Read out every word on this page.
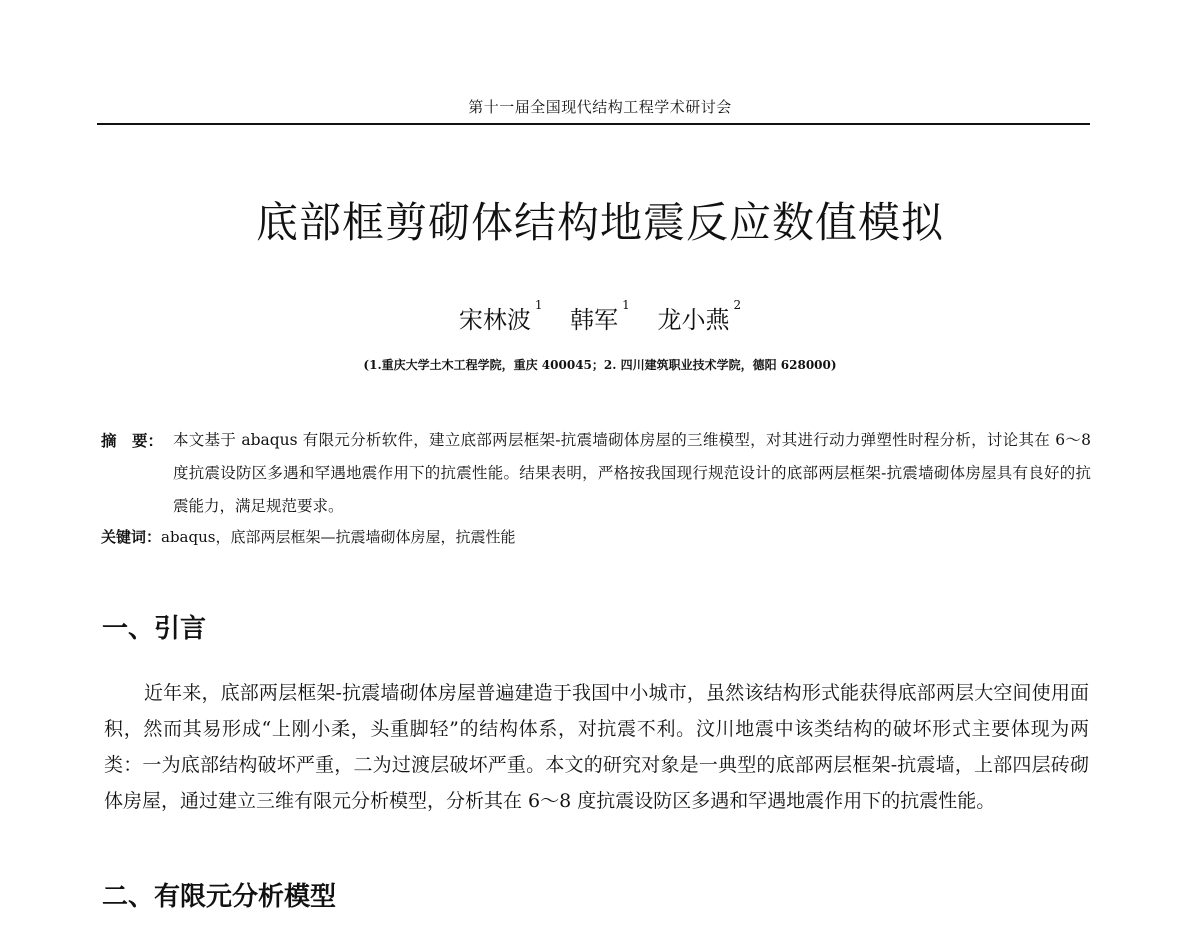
第十一届全国现代结构工程学术研讨会
底部框剪砌体结构地震反应数值模拟
宋林波$^1$ 韩军$^1$ 龙小燕$^2$
(1.重庆大学土木工程学院，重庆 400045；2. 四川建筑职业技术学院，德阳 628000)
摘　要： 本文基于 abaqus 有限元分析软件，建立底部两层框架-抗震墙砌体房屋的三维模型，对其进行动力弹塑性时程分析，讨论其在 6～8 度抗震设防区多遇和罕遇地震作用下的抗震性能。结果表明，严格按我国现行规范设计的底部两层框架-抗震墙砌体房屋具有良好的抗震能力，满足规范要求。
关键词：abaqus，底部两层框架—抗震墙砌体房屋，抗震性能
一、引言
近年来，底部两层框架-抗震墙砌体房屋普遍建造于我国中小城市，虽然该结构形式能获得底部两层大空间使用面积，然而其易形成“上刚小柔，头重脚轻”的结构体系，对抗震不利。汶川地震中该类结构的破坏形式主要体现为两类：一为底部结构破坏严重，二为过渡层破坏严重。本文的研究对象是一典型的底部两层框架-抗震墙，上部四层砖砌体房屋，通过建立三维有限元分析模型，分析其在 6～8 度抗震设防区多遇和罕遇地震作用下的抗震性能。
二、有限元分析模型
